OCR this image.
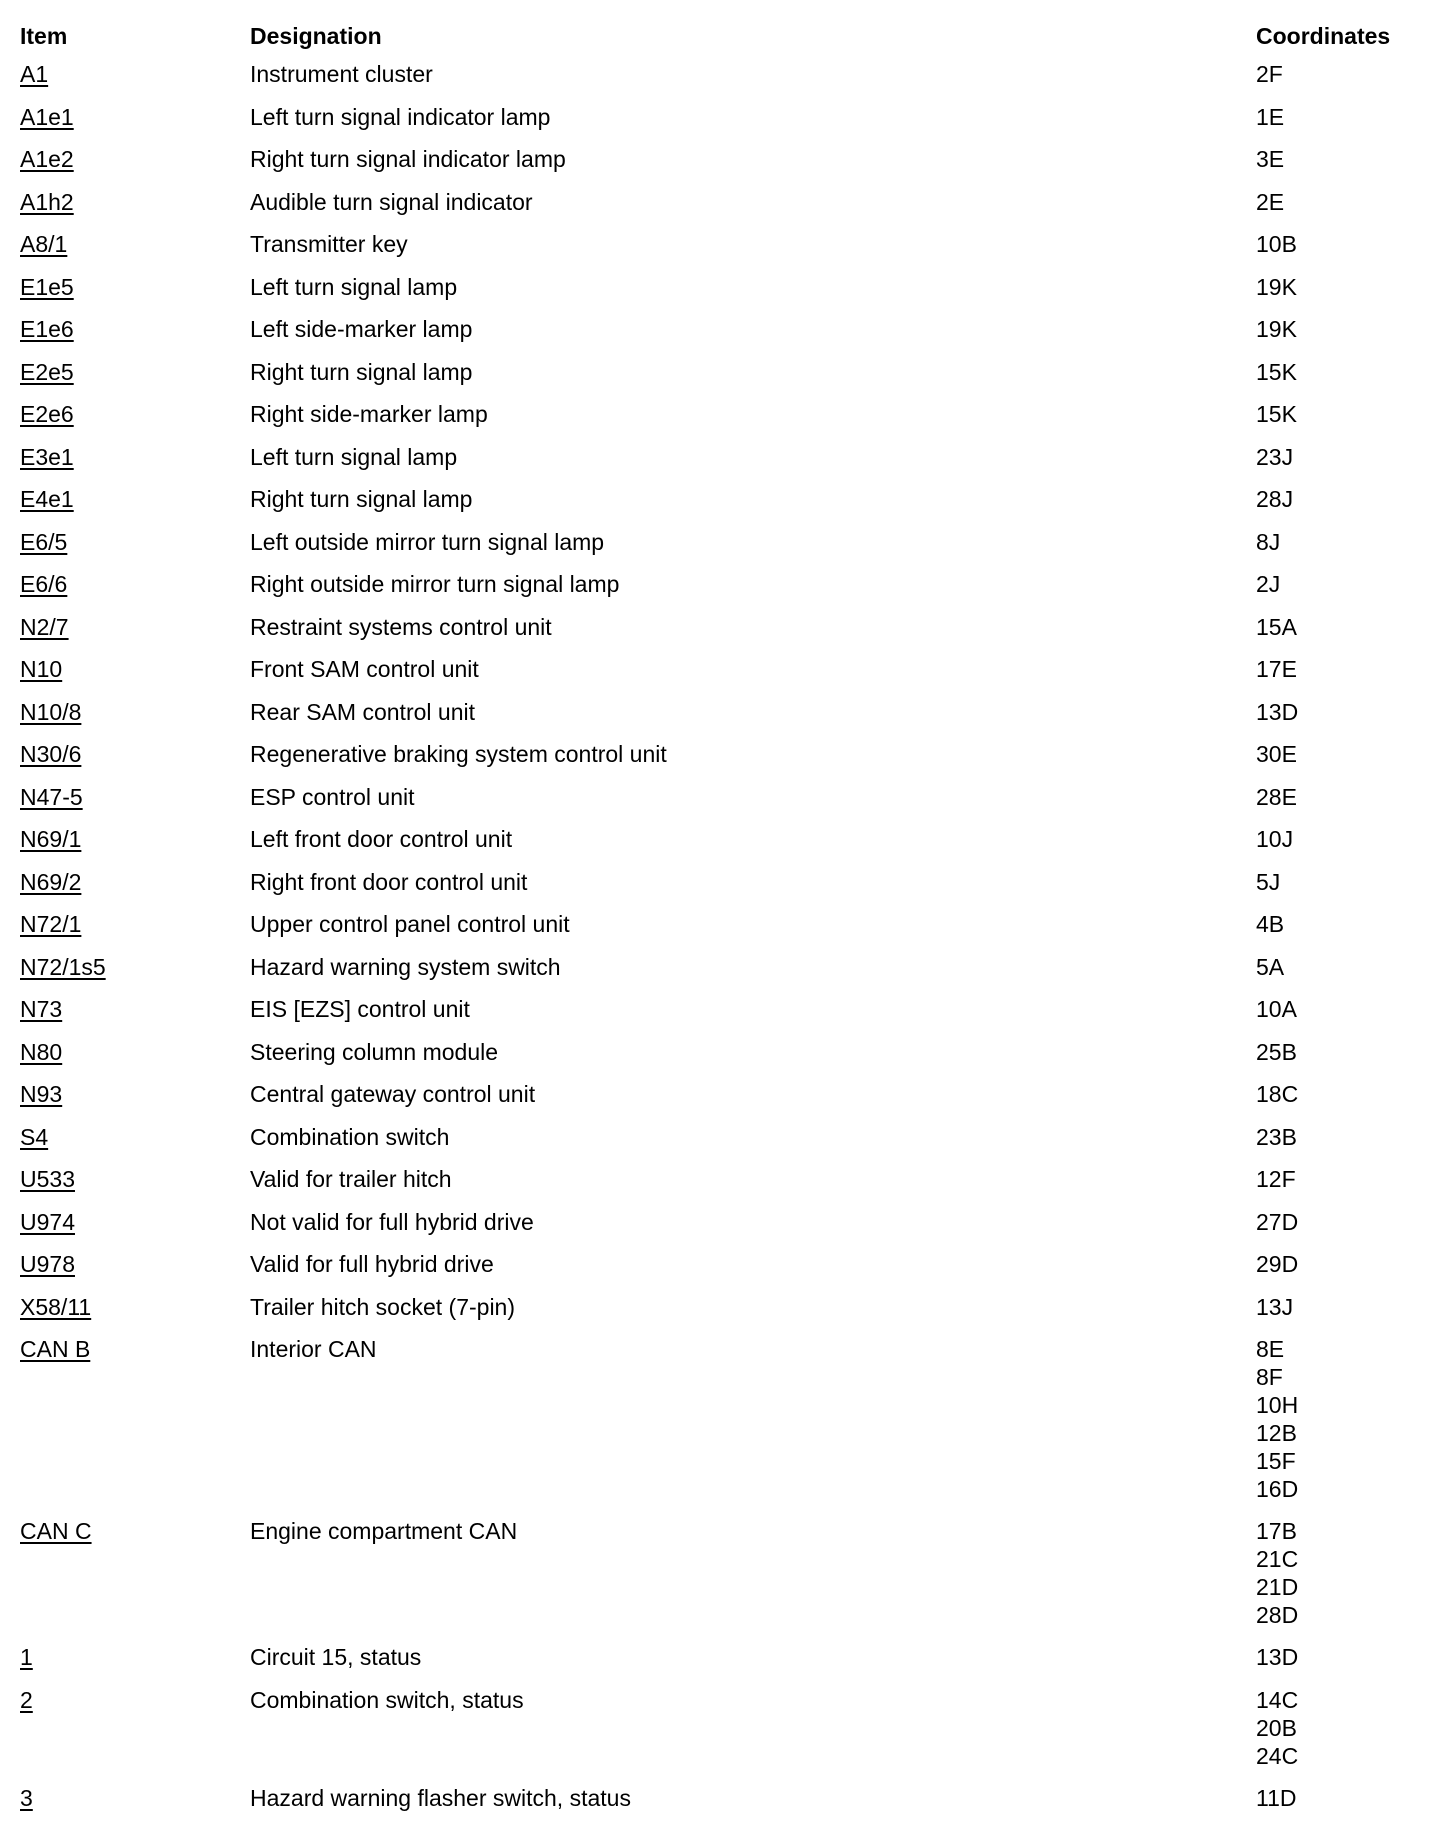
Item	Designation	Coordinates
A1	Instrument cluster	2F
A1e1	Left turn signal indicator lamp	1E
A1e2	Right turn signal indicator lamp	3E
A1h2	Audible turn signal indicator	2E
A8/1	Transmitter key	10B
E1e5	Left turn signal lamp	19K
E1e6	Left side-marker lamp	19K
E2e5	Right turn signal lamp	15K
E2e6	Right side-marker lamp	15K
E3e1	Left turn signal lamp	23J
E4e1	Right turn signal lamp	28J
E6/5	Left outside mirror turn signal lamp	8J
E6/6	Right outside mirror turn signal lamp	2J
N2/7	Restraint systems control unit	15A
N10	Front SAM control unit	17E
N10/8	Rear SAM control unit	13D
N30/6	Regenerative braking system control unit	30E
N47-5	ESP control unit	28E
N69/1	Left front door control unit	10J
N69/2	Right front door control unit	5J
N72/1	Upper control panel control unit	4B
N72/1s5	Hazard warning system switch	5A
N73	EIS [EZS] control unit	10A
N80	Steering column module	25B
N93	Central gateway control unit	18C
S4	Combination switch	23B
U533	Valid for trailer hitch	12F
U974	Not valid for full hybrid drive	27D
U978	Valid for full hybrid drive	29D
X58/11	Trailer hitch socket (7-pin)	13J
CAN B	Interior CAN	8E
8F
10H
12B
15F
16D
CAN C	Engine compartment CAN	17B
21C
21D
28D
1	Circuit 15, status	13D
2	Combination switch, status	14C
20B
24C
3	Hazard warning flasher switch, status	11D
